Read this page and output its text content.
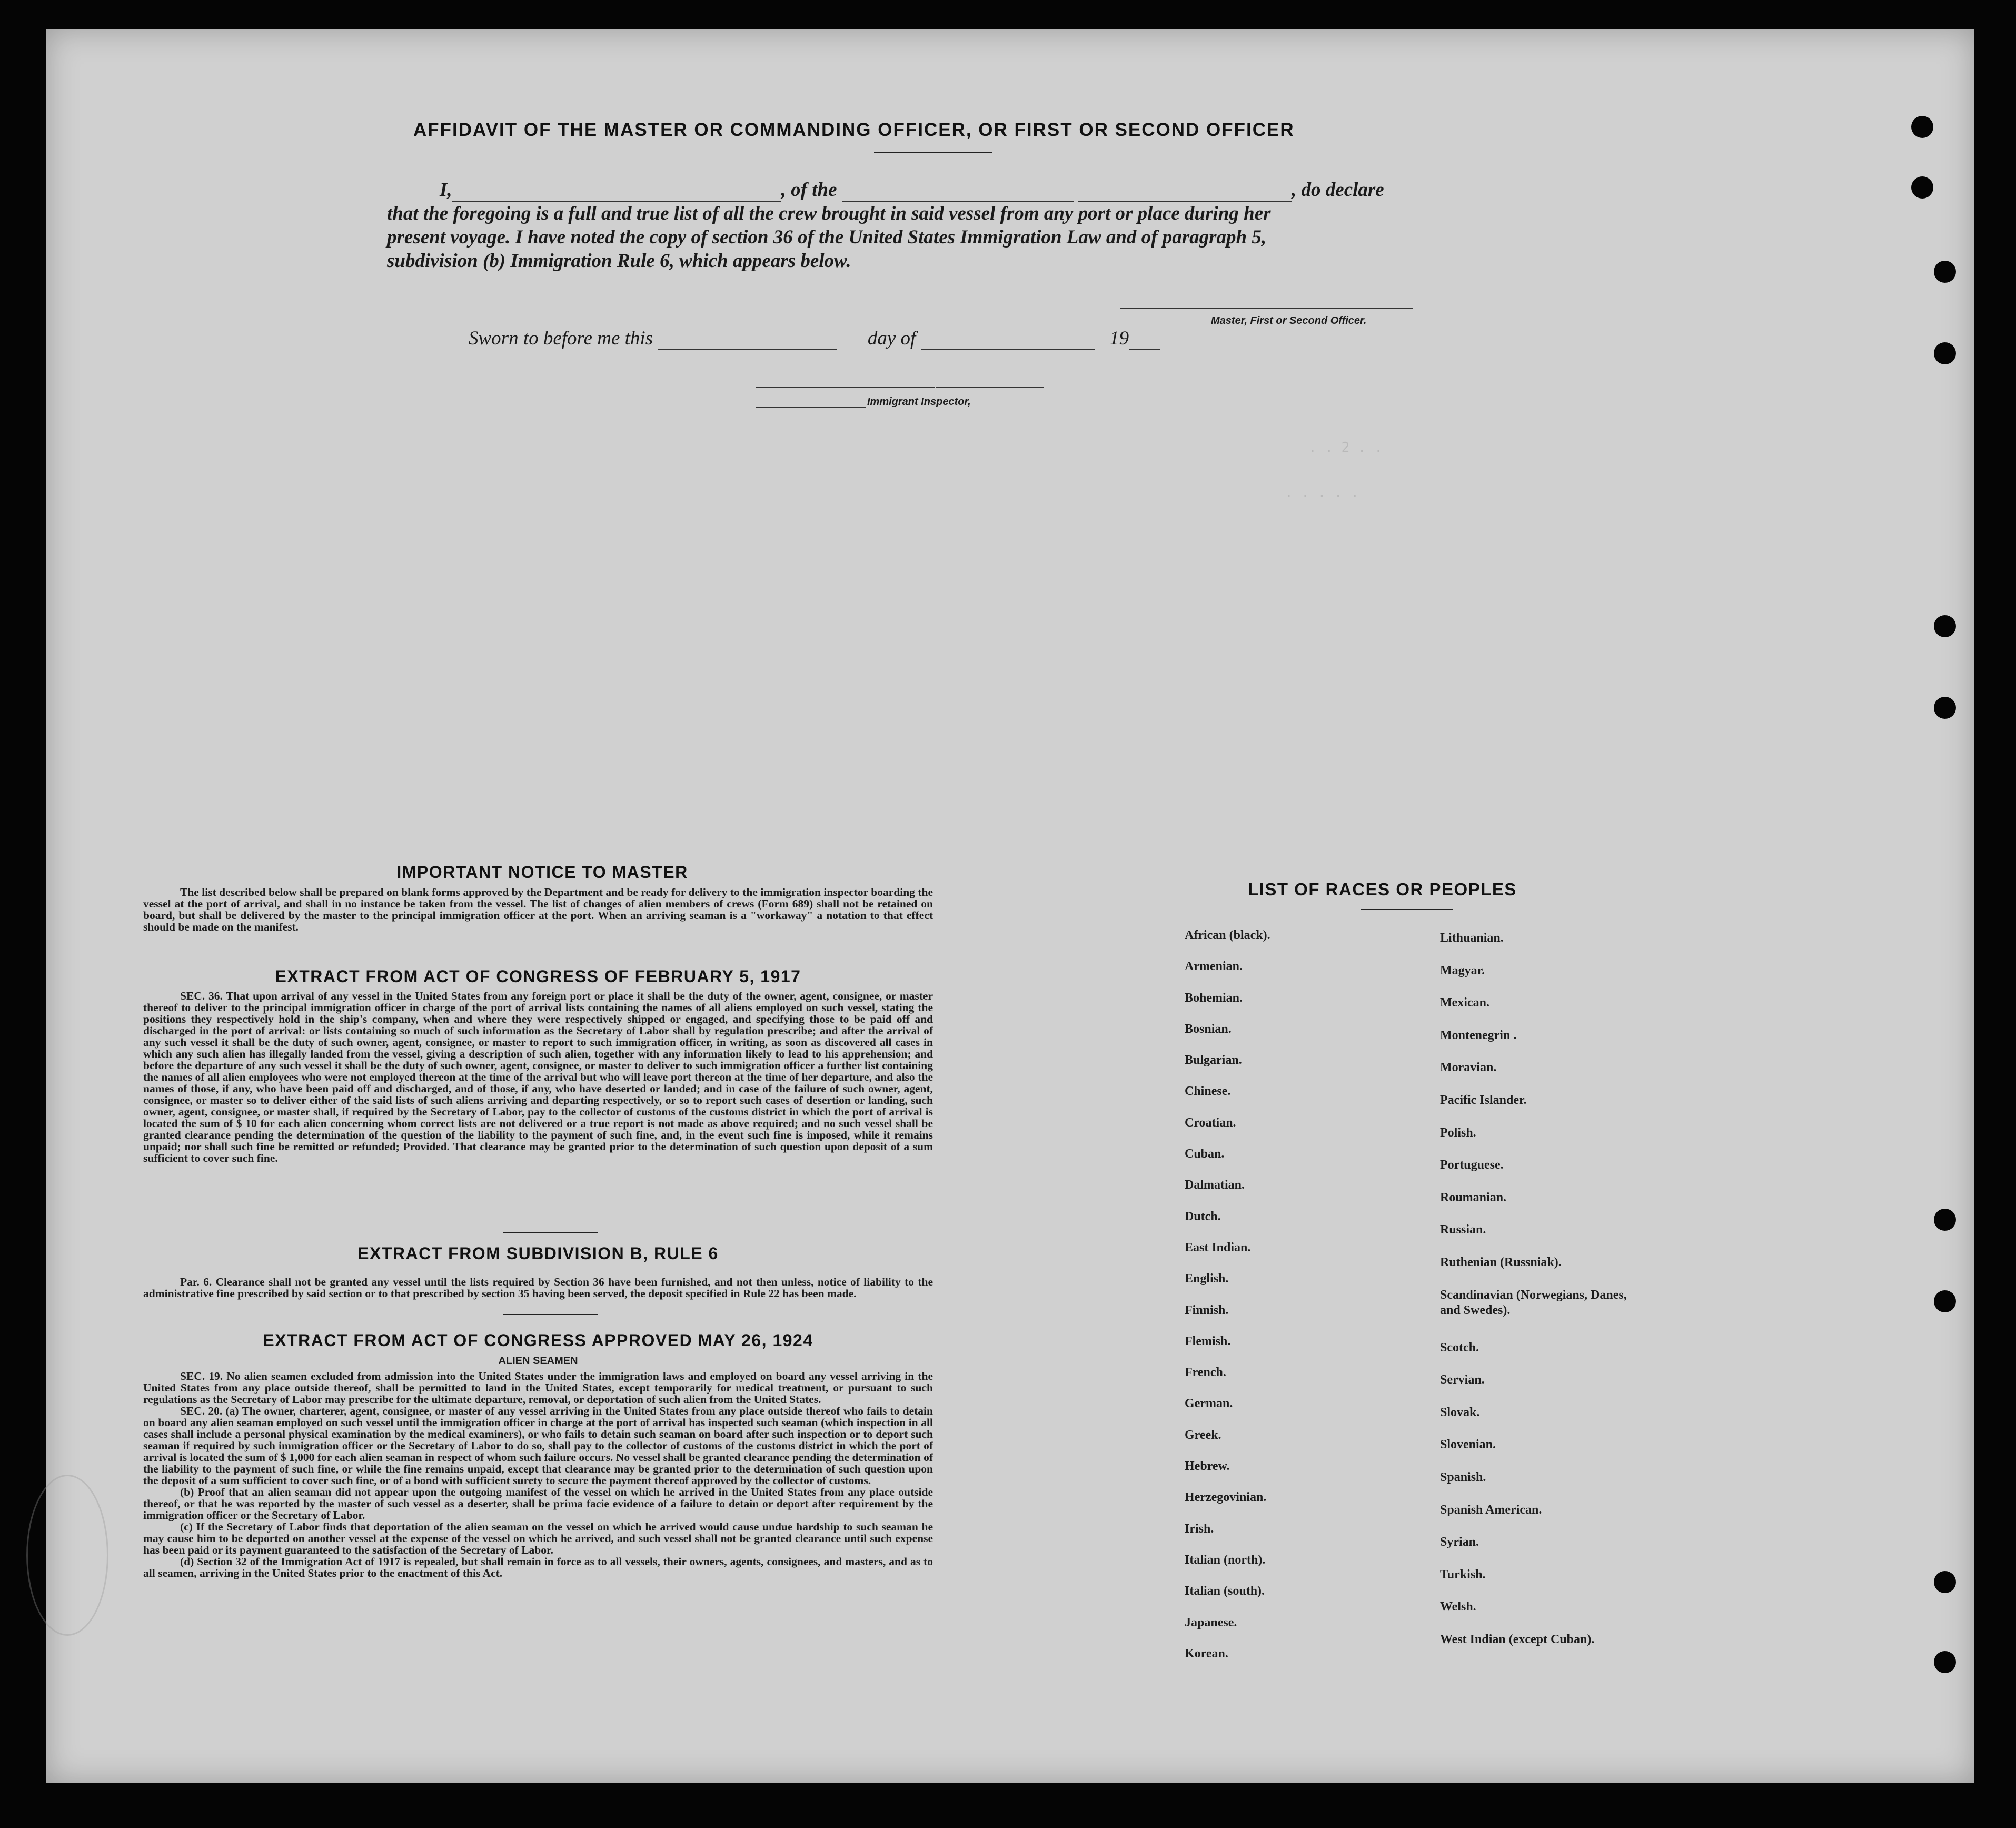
AFFIDAVIT OF THE MASTER OR COMMANDING OFFICER, OR FIRST OR SECOND OFFICER
I,	, of the	, do declare
that the foregoing is a full and true list of all the crew brought in said vessel from any port or place during her
present voyage. I have noted the copy of section 36 of the United States Immigration Law and of paragraph 5,
subdivision (b) Immigration Rule 6, which appears below.
Master, First or Second Officer.
Sworn to before me this	day of	19
Immigrant Inspector,
. . 2 . .
. . . . .
IMPORTANT NOTICE TO MASTER

The list described below shall be prepared on blank forms approved by the Department and be ready for delivery to the immigration inspector boarding the vessel at the port of arrival, and shall in no instance be taken from the vessel. The list of changes of alien members of crews (Form 689) shall not be retained on board, but shall be delivered by the master to the principal immigration officer at the port. When an arriving seaman is a "workaway" a notation to that effect should be made on the manifest.

EXTRACT FROM ACT OF CONGRESS OF FEBRUARY 5, 1917

SEC. 36. That upon arrival of any vessel in the United States from any foreign port or place it shall be the duty of the owner, agent, consignee, or master thereof to deliver to the principal immigration officer in charge of the port of arrival lists containing the names of all aliens employed on such vessel, stating the positions they respectively hold in the ship's company, when and where they were respectively shipped or engaged, and specifying those to be paid off and discharged in the port of arrival: or lists containing so much of such information as the Secretary of Labor shall by regulation prescribe; and after the arrival of any such vessel it shall be the duty of such owner, agent, consignee, or master to report to such immigration officer, in writing, as soon as discovered all cases in which any such alien has illegally landed from the vessel, giving a description of such alien, together with any information likely to lead to his apprehension; and before the departure of any such vessel it shall be the duty of such owner, agent, consignee, or master to deliver to such immigration officer a further list containing the names of all alien employees who were not employed thereon at the time of the arrival but who will leave port thereon at the time of her departure, and also the names of those, if any, who have been paid off and discharged, and of those, if any, who have deserted or landed; and in case of the failure of such owner, agent, consignee, or master so to deliver either of the said lists of such aliens arriving and departing respectively, or so to report such cases of desertion or landing, such owner, agent, consignee, or master shall, if required by the Secretary of Labor, pay to the collector of customs of the customs district in which the port of arrival is located the sum of $ 10 for each alien concerning whom correct lists are not delivered or a true report is not made as above required; and no such vessel shall be granted clearance pending the determination of the question of the liability to the payment of such fine, and, in the event such fine is imposed, while it remains unpaid; nor shall such fine be remitted or refunded; Provided. That clearance may be granted prior to the determination of such question upon deposit of a sum sufficient to cover such fine.

EXTRACT FROM SUBDIVISION B, RULE 6

Par. 6. Clearance shall not be granted any vessel until the lists required by Section 36 have been furnished, and not then unless, notice of liability to the administrative fine prescribed by said section or to that prescribed by section 35 having been served, the deposit specified in Rule 22 has been made.

EXTRACT FROM ACT OF CONGRESS APPROVED MAY 26, 1924
ALIEN SEAMEN

SEC. 19. No alien seamen excluded from admission into the United States under the immigration laws and employed on board any vessel arriving in the United States from any place outside thereof, shall be permitted to land in the United States, except temporarily for medical treatment, or pursuant to such regulations as the Secretary of Labor may prescribe for the ultimate departure, removal, or deportation of such alien from the United States.

SEC. 20. (a) The owner, charterer, agent, consignee, or master of any vessel arriving in the United States from any place outside thereof who fails to detain on board any alien seaman employed on such vessel until the immigration officer in charge at the port of arrival has inspected such seaman (which inspection in all cases shall include a personal physical examination by the medical examiners), or who fails to detain such seaman on board after such inspection or to deport such seaman if required by such immigration officer or the Secretary of Labor to do so, shall pay to the collector of customs of the customs district in which the port of arrival is located the sum of $ 1,000 for each alien seaman in respect of whom such failure occurs. No vessel shall be granted clearance pending the determination of the liability to the payment of such fine, or while the fine remains unpaid, except that clearance may be granted prior to the determination of such question upon the deposit of a sum sufficient to cover such fine, or of a bond with sufficient surety to secure the payment thereof approved by the collector of customs.

(b) Proof that an alien seaman did not appear upon the outgoing manifest of the vessel on which he arrived in the United States from any place outside thereof, or that he was reported by the master of such vessel as a deserter, shall be prima facie evidence of a failure to detain or deport after requirement by the immigration officer or the Secretary of Labor.

(c) If the Secretary of Labor finds that deportation of the alien seaman on the vessel on which he arrived would cause undue hardship to such seaman he may cause him to be deported on another vessel at the expense of the vessel on which he arrived, and such vessel shall not be granted clearance until such expense has been paid or its payment guaranteed to the satisfaction of the Secretary of Labor.

(d) Section 32 of the Immigration Act of 1917 is repealed, but shall remain in force as to all vessels, their owners, agents, consignees, and masters, and as to all seamen, arriving in the United States prior to the enactment of this Act.

LIST OF RACES OR PEOPLES
African (black).
Armenian.
Bohemian.
Bosnian.
Bulgarian.
Chinese.
Croatian.
Cuban.
Dalmatian.
Dutch.
East Indian.
English.
Finnish.
Flemish.
French.
German.
Greek.
Hebrew.
Herzegovinian.
Irish.
Italian (north).
Italian (south).
Japanese.
Korean.
Lithuanian.
Magyar.
Mexican.
Montenegrin .
Moravian.
Pacific Islander.
Polish.
Portuguese.
Roumanian.
Russian.
Ruthenian (Russniak).
Scandinavian (Norwegians, Danes, and Swedes).
Scotch.
Servian.
Slovak.
Slovenian.
Spanish.
Spanish American.
Syrian.
Turkish.
Welsh.
West Indian (except Cuban).
